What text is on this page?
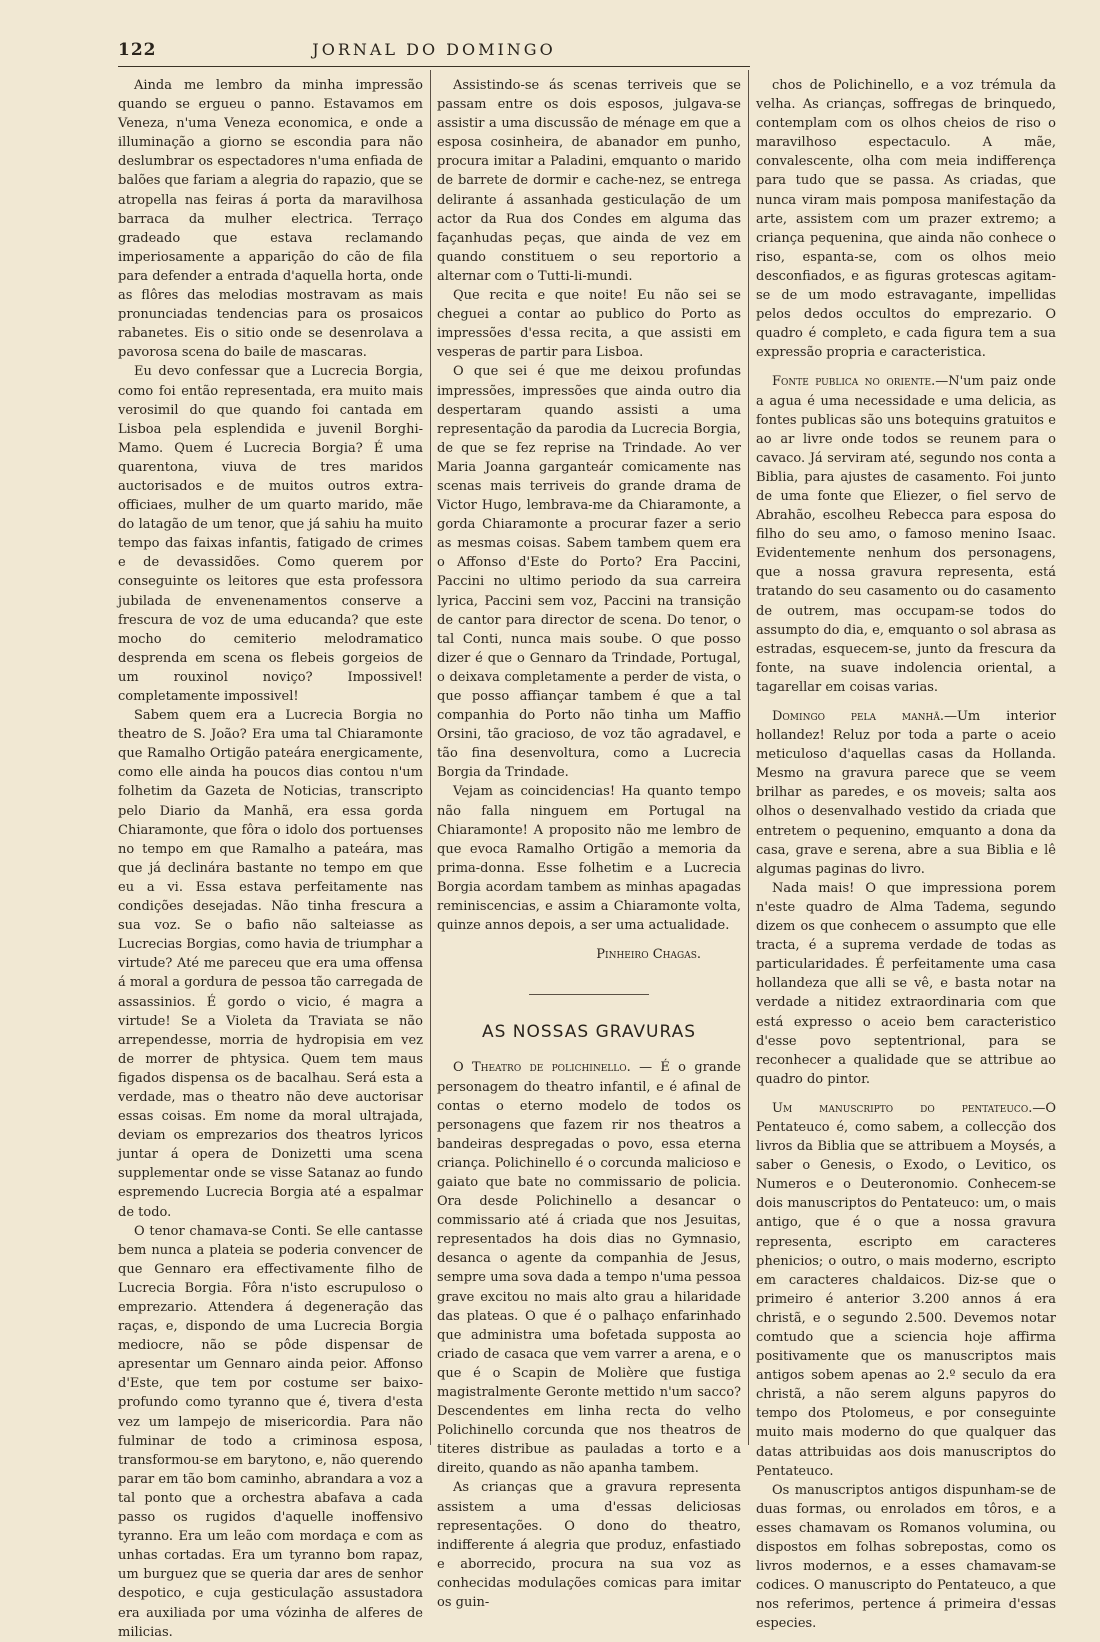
122	JORNAL DO DOMINGO

Ainda me lembro da minha impressão quando se ergueu o panno. Estavamos em Veneza, n'uma Veneza economica, e onde a illuminação a giorno se escondia para não deslumbrar os espectadores n'uma enfiada de balões que fariam a alegria do rapazio, que se atropella nas feiras á porta da maravilhosa barraca da mulher electrica. Terraço gradeado que estava reclamando imperiosamente a apparição do cão de fila para defender a entrada d'aquella horta, onde as flôres das melodias mostravam as mais pronunciadas tendencias para os prosaicos rabanetes. Eis o sitio onde se desenrolava a pavorosa scena do baile de mascaras.

Eu devo confessar que a Lucrecia Borgia, como foi então representada, era muito mais verosimil do que quando foi cantada em Lisboa pela esplendida e juvenil Borghi-Mamo. Quem é Lucrecia Borgia? É uma quarentona, viuva de tres maridos auctorisados e de muitos outros extra-officiaes, mulher de um quarto marido, mãe do latagão de um tenor, que já sahiu ha muito tempo das faixas infantis, fatigado de crimes e de devassidões. Como querem por conseguinte os leitores que esta professora jubilada de envenenamentos conserve a frescura de voz de uma educanda? que este mocho do cemiterio melodramatico desprenda em scena os flebeis gorgeios de um rouxinol noviço? Impossivel! completamente impossivel!

Sabem quem era a Lucrecia Borgia no theatro de S. João? Era uma tal Chiaramonte que Ramalho Ortigão pateára energicamente, como elle ainda ha poucos dias contou n'um folhetim da Gazeta de Noticias, transcripto pelo Diario da Manhã, era essa gorda Chiaramonte, que fôra o idolo dos portuenses no tempo em que Ramalho a pateára, mas que já declinára bastante no tempo em que eu a vi. Essa estava perfeitamente nas condições desejadas. Não tinha frescura a sua voz. Se o bafio não salteiasse as Lucrecias Borgias, como havia de triumphar a virtude? Até me pareceu que era uma offensa á moral a gordura de pessoa tão carregada de assassinios. É gordo o vicio, é magra a virtude! Se a Violeta da Traviata se não arrependesse, morria de hydropisia em vez de morrer de phtysica. Quem tem maus figados dispensa os de bacalhau. Será esta a verdade, mas o theatro não deve auctorisar essas coisas. Em nome da moral ultrajada, deviam os emprezarios dos theatros lyricos juntar á opera de Donizetti uma scena supplementar onde se visse Satanaz ao fundo espremendo Lucrecia Borgia até a espalmar de todo.

O tenor chamava-se Conti. Se elle cantasse bem nunca a plateia se poderia convencer de que Gennaro era effectivamente filho de Lucrecia Borgia. Fôra n'isto escrupuloso o emprezario. Attendera á degeneração das raças, e, dispondo de uma Lucrecia Borgia mediocre, não se pôde dispensar de apresentar um Gennaro ainda peior. Affonso d'Este, que tem por costume ser baixo-profundo como tyranno que é, tivera d'esta vez um lampejo de misericordia. Para não fulminar de todo a criminosa esposa, transformou-se em barytono, e, não querendo parar em tão bom caminho, abrandara a voz a tal ponto que a orchestra abafava a cada passo os rugidos d'aquelle inoffensivo tyranno. Era um leão com mordaça e com as unhas cortadas. Era um tyranno bom rapaz, um burguez que se queria dar ares de senhor despotico, e cuja gesticulação assustadora era auxiliada por uma vózinha de alferes de milicias.

Assistindo-se ás scenas terriveis que se passam entre os dois esposos, julgava-se assistir a uma discussão de ménage em que a esposa cosinheira, de abanador em punho, procura imitar a Paladini, emquanto o marido de barrete de dormir e cache-nez, se entrega delirante á assanhada gesticulação de um actor da Rua dos Condes em alguma das façanhudas peças, que ainda de vez em quando constituem o seu reportorio a alternar com o Tutti-li-mundi.

Que recita e que noite! Eu não sei se cheguei a contar ao publico do Porto as impressões d'essa recita, a que assisti em vesperas de partir para Lisboa.

O que sei é que me deixou profundas impressões, impressões que ainda outro dia despertaram quando assisti a uma representação da parodia da Lucrecia Borgia, de que se fez reprise na Trindade. Ao ver Maria Joanna garganteár comicamente nas scenas mais terriveis do grande drama de Victor Hugo, lembrava-me da Chiaramonte, a gorda Chiaramonte a procurar fazer a serio as mesmas coisas. Sabem tambem quem era o Affonso d'Este do Porto? Era Paccini, Paccini no ultimo periodo da sua carreira lyrica, Paccini sem voz, Paccini na transição de cantor para director de scena. Do tenor, o tal Conti, nunca mais soube. O que posso dizer é que o Gennaro da Trindade, Portugal, o deixava completamente a perder de vista, o que posso affiançar tambem é que a tal companhia do Porto não tinha um Maffio Orsini, tão gracioso, de voz tão agradavel, e tão fina desenvoltura, como a Lucrecia Borgia da Trindade.

Vejam as coincidencias! Ha quanto tempo não falla ninguem em Portugal na Chiaramonte! A proposito não me lembro de que evoca Ramalho Ortigão a memoria da prima-donna. Esse folhetim e a Lucrecia Borgia acordam tambem as minhas apagadas reminiscencias, e assim a Chiaramonte volta, quinze annos depois, a ser uma actualidade.

Pinheiro Chagas.
AS NOSSAS GRAVURAS

O Theatro de polichinello. — É o grande personagem do theatro infantil, e é afinal de contas o eterno modelo de todos os personagens que fazem rir nos theatros a bandeiras despregadas o povo, essa eterna criança. Polichinello é o corcunda malicioso e gaiato que bate no commissario de policia. Ora desde Polichinello a desancar o commissario até á criada que nos Jesuitas, representados ha dois dias no Gymnasio, desanca o agente da companhia de Jesus, sempre uma sova dada a tempo n'uma pessoa grave excitou no mais alto grau a hilaridade das plateas. O que é o palhaço enfarinhado que administra uma bofetada supposta ao criado de casaca que vem varrer a arena, e o que é o Scapin de Molière que fustiga magistralmente Geronte mettido n'um sacco? Descendentes em linha recta do velho Polichinello corcunda que nos theatros de titeres distribue as pauladas a torto e a direito, quando as não apanha tambem.

As crianças que a gravura representa assistem a uma d'essas deliciosas representações. O dono do theatro, indifferente á alegria que produz, enfastiado e aborrecido, procura na sua voz as conhecidas modulações comicas para imitar os guin-

chos de Polichinello, e a voz trémula da velha. As crianças, soffregas de brinquedo, contemplam com os olhos cheios de riso o maravilhoso espectaculo. A mãe, convalescente, olha com meia indifferença para tudo que se passa. As criadas, que nunca viram mais pomposa manifestação da arte, assistem com um prazer extremo; a criança pequenina, que ainda não conhece o riso, espanta-se, com os olhos meio desconfiados, e as figuras grotescas agitam-se de um modo estravagante, impellidas pelos dedos occultos do emprezario. O quadro é completo, e cada figura tem a sua expressão propria e caracteristica.

Fonte publica no oriente.—N'um paiz onde a agua é uma necessidade e uma delicia, as fontes publicas são uns botequins gratuitos e ao ar livre onde todos se reunem para o cavaco. Já serviram até, segundo nos conta a Biblia, para ajustes de casamento. Foi junto de uma fonte que Eliezer, o fiel servo de Abrahão, escolheu Rebecca para esposa do filho do seu amo, o famoso menino Isaac. Evidentemente nenhum dos personagens, que a nossa gravura representa, está tratando do seu casamento ou do casamento de outrem, mas occupam-se todos do assumpto do dia, e, emquanto o sol abrasa as estradas, esquecem-se, junto da frescura da fonte, na suave indolencia oriental, a tagarellar em coisas varias.

Domingo pela manhã.—Um interior hollandez! Reluz por toda a parte o aceio meticuloso d'aquellas casas da Hollanda. Mesmo na gravura parece que se veem brilhar as paredes, e os moveis; salta aos olhos o desenvalhado vestido da criada que entretem o pequenino, emquanto a dona da casa, grave e serena, abre a sua Biblia e lê algumas paginas do livro.

Nada mais! O que impressiona porem n'este quadro de Alma Tadema, segundo dizem os que conhecem o assumpto que elle tracta, é a suprema verdade de todas as particularidades. É perfeitamente uma casa hollandeza que alli se vê, e basta notar na verdade a nitidez extraordinaria com que está expresso o aceio bem caracteristico d'esse povo septentrional, para se reconhecer a qualidade que se attribue ao quadro do pintor.

Um manuscripto do pentateuco.—O Pentateuco é, como sabem, a collecção dos livros da Biblia que se attribuem a Moysés, a saber o Genesis, o Exodo, o Levitico, os Numeros e o Deuteronomio. Conhecem-se dois manuscriptos do Pentateuco: um, o mais antigo, que é o que a nossa gravura representa, escripto em caracteres phenicios; o outro, o mais moderno, escripto em caracteres chaldaicos. Diz-se que o primeiro é anterior 3.200 annos á era christã, e o segundo 2.500. Devemos notar comtudo que a sciencia hoje affirma positivamente que os manuscriptos mais antigos sobem apenas ao 2.º seculo da era christã, a não serem alguns papyros do tempo dos Ptolomeus, e por conseguinte muito mais moderno do que qualquer das datas attribuidas aos dois manuscriptos do Pentateuco.

Os manuscriptos antigos dispunham-se de duas formas, ou enrolados em tôros, e a esses chamavam os Romanos volumina, ou dispostos em folhas sobrepostas, como os livros modernos, e a esses chamavam-se codices. O manuscripto do Pentateuco, a que nos referimos, pertence á primeira d'essas especies.
